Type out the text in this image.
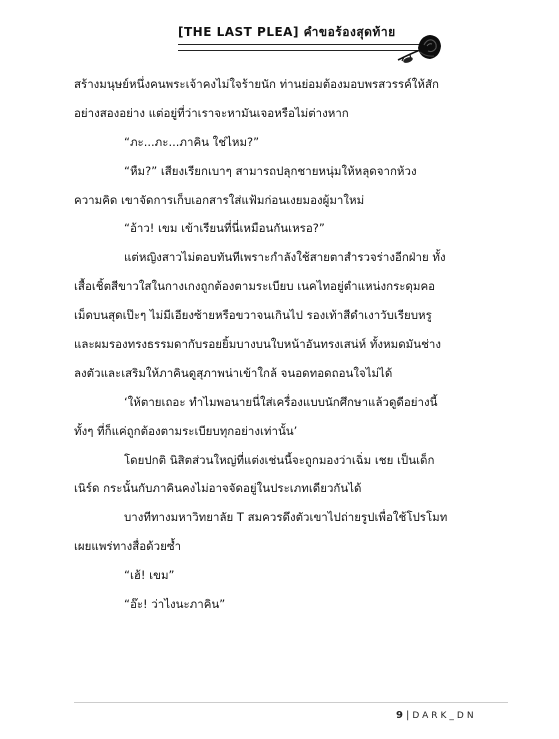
[THE LAST PLEA] คำขอร้องสุดท้าย
สร้างมนุษย์หนึ่งคนพระเจ้าคงไม่ใจร้ายนัก ท่านย่อมต้องมอบพรสวรรค์ให้สัก
อย่างสองอย่าง แต่อยู่ที่ว่าเราจะหามันเจอหรือไม่ต่างหาก
“ภะ...ภะ...ภาคิน ใช่ไหม?”
“หืม?” เสียงเรียกเบาๆ สามารถปลุกชายหนุ่มให้หลุดจากห้วง
ความคิด เขาจัดการเก็บเอกสารใส่แฟ้มก่อนเงยมองผู้มาใหม่
“อ้าว! เขม เข้าเรียนที่นี่เหมือนกันเหรอ?”
แต่หญิงสาวไม่ตอบทันทีเพราะกำลังใช้สายตาสำรวจร่างอีกฝ่าย ทั้ง
เสื้อเชิ้ตสีขาวใสในกางเกงถูกต้องตามระเบียบ เนคไทอยู่ตำแหน่งกระดุมคอ
เม็ดบนสุดเป๊ะๆ ไม่มีเอียงซ้ายหรือขวาจนเกินไป รองเท้าสีดำเงาวับเรียบหรู
และผมรองทรงธรรมดากับรอยยิ้มบางบนใบหน้าอันทรงเสน่ห์ ทั้งหมดมันช่าง
ลงตัวและเสริมให้ภาคินดูสุภาพน่าเข้าใกล้ จนอดทอดถอนใจไม่ได้
‘ให้ตายเถอะ ทำไมพอนายนี่ใส่เครื่องแบบนักศึกษาแล้วดูดีอย่างนี้
ทั้งๆ ที่ก็แค่ถูกต้องตามระเบียบทุกอย่างเท่านั้น’
โดยปกติ นิสิตส่วนใหญ่ที่แต่งเช่นนี้จะถูกมองว่าเฉิ่ม เชย เป็นเด็ก
เนิร์ด กระนั้นกับภาคินคงไม่อาจจัดอยู่ในประเภทเดียวกันได้
บางทีทางมหาวิทยาลัย T สมควรดึงตัวเขาไปถ่ายรูปเพื่อใช้โปรโมท
เผยแพร่ทางสื่อด้วยซ้ำ
“เฮ้! เขม”
“อ๊ะ! ว่าไงนะภาคิน”
9 | DARK_DN
